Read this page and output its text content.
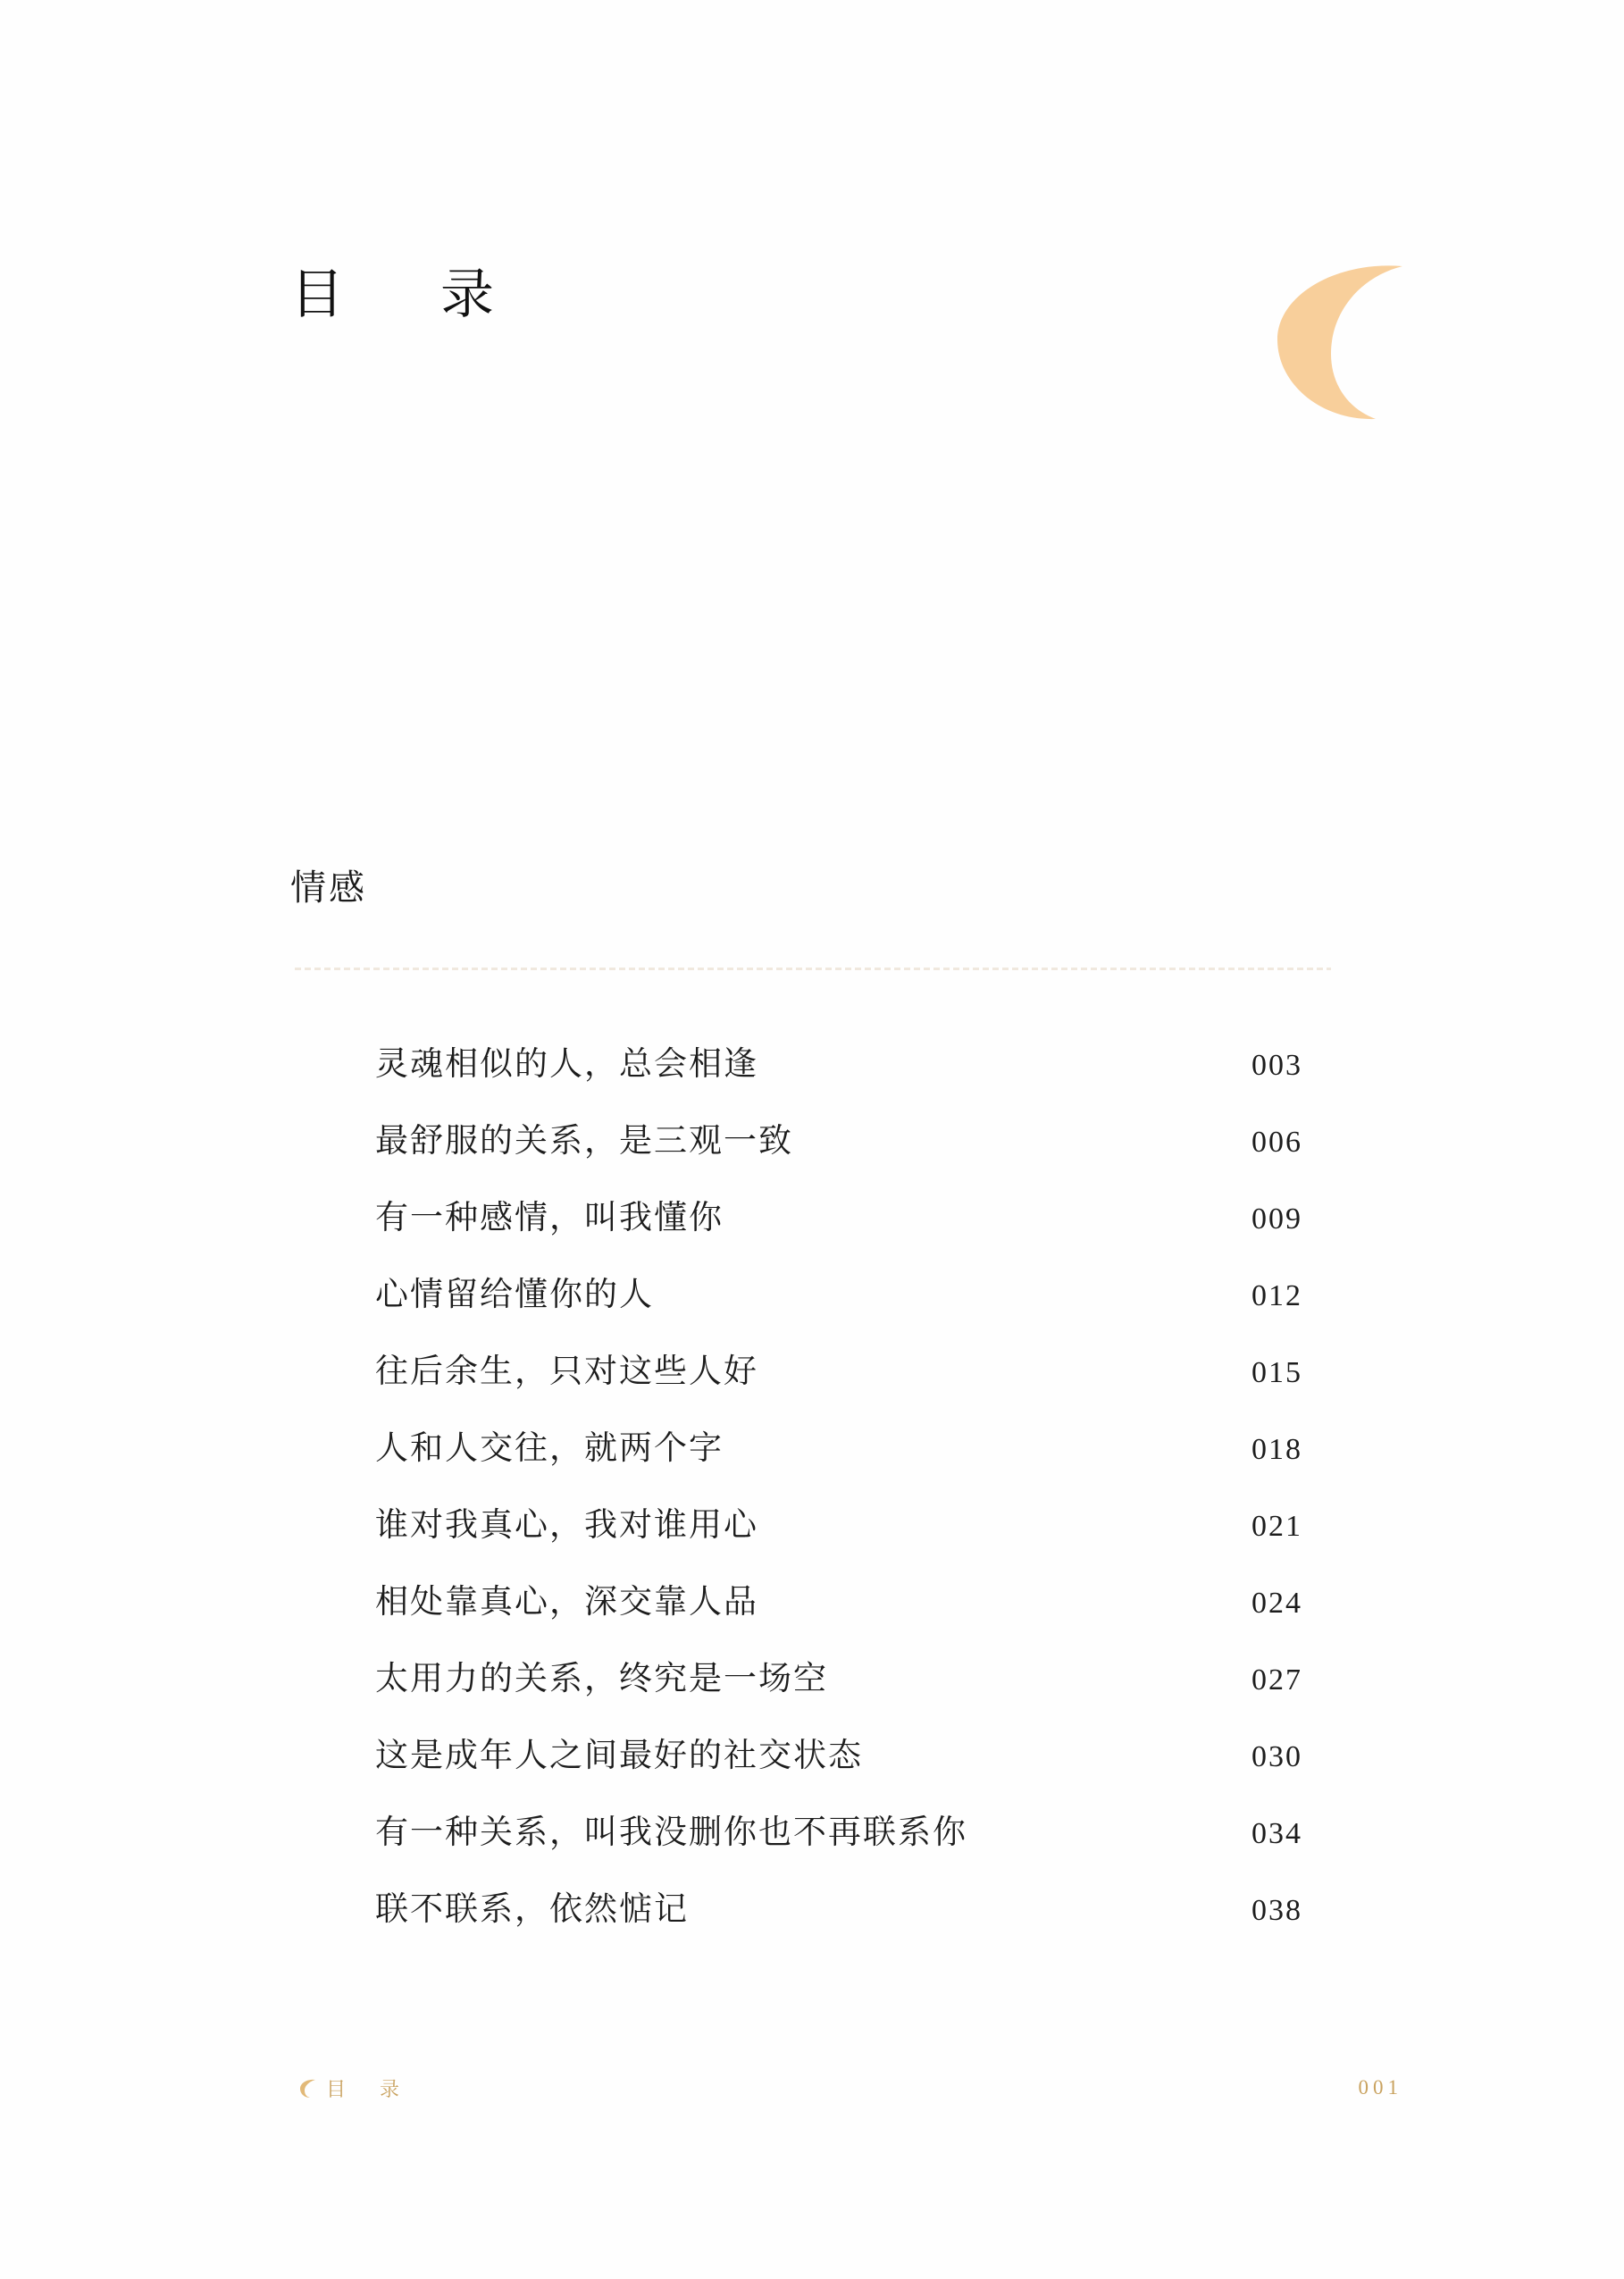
目　录
情感
灵魂相似的人，总会相逢	003
最舒服的关系，是三观一致	006
有一种感情，叫我懂你	009
心情留给懂你的人	012
往后余生，只对这些人好	015
人和人交往，就两个字	018
谁对我真心，我对谁用心	021
相处靠真心，深交靠人品	024
太用力的关系，终究是一场空	027
这是成年人之间最好的社交状态	030
有一种关系，叫我没删你也不再联系你	034
联不联系，依然惦记	038
目　录	001
